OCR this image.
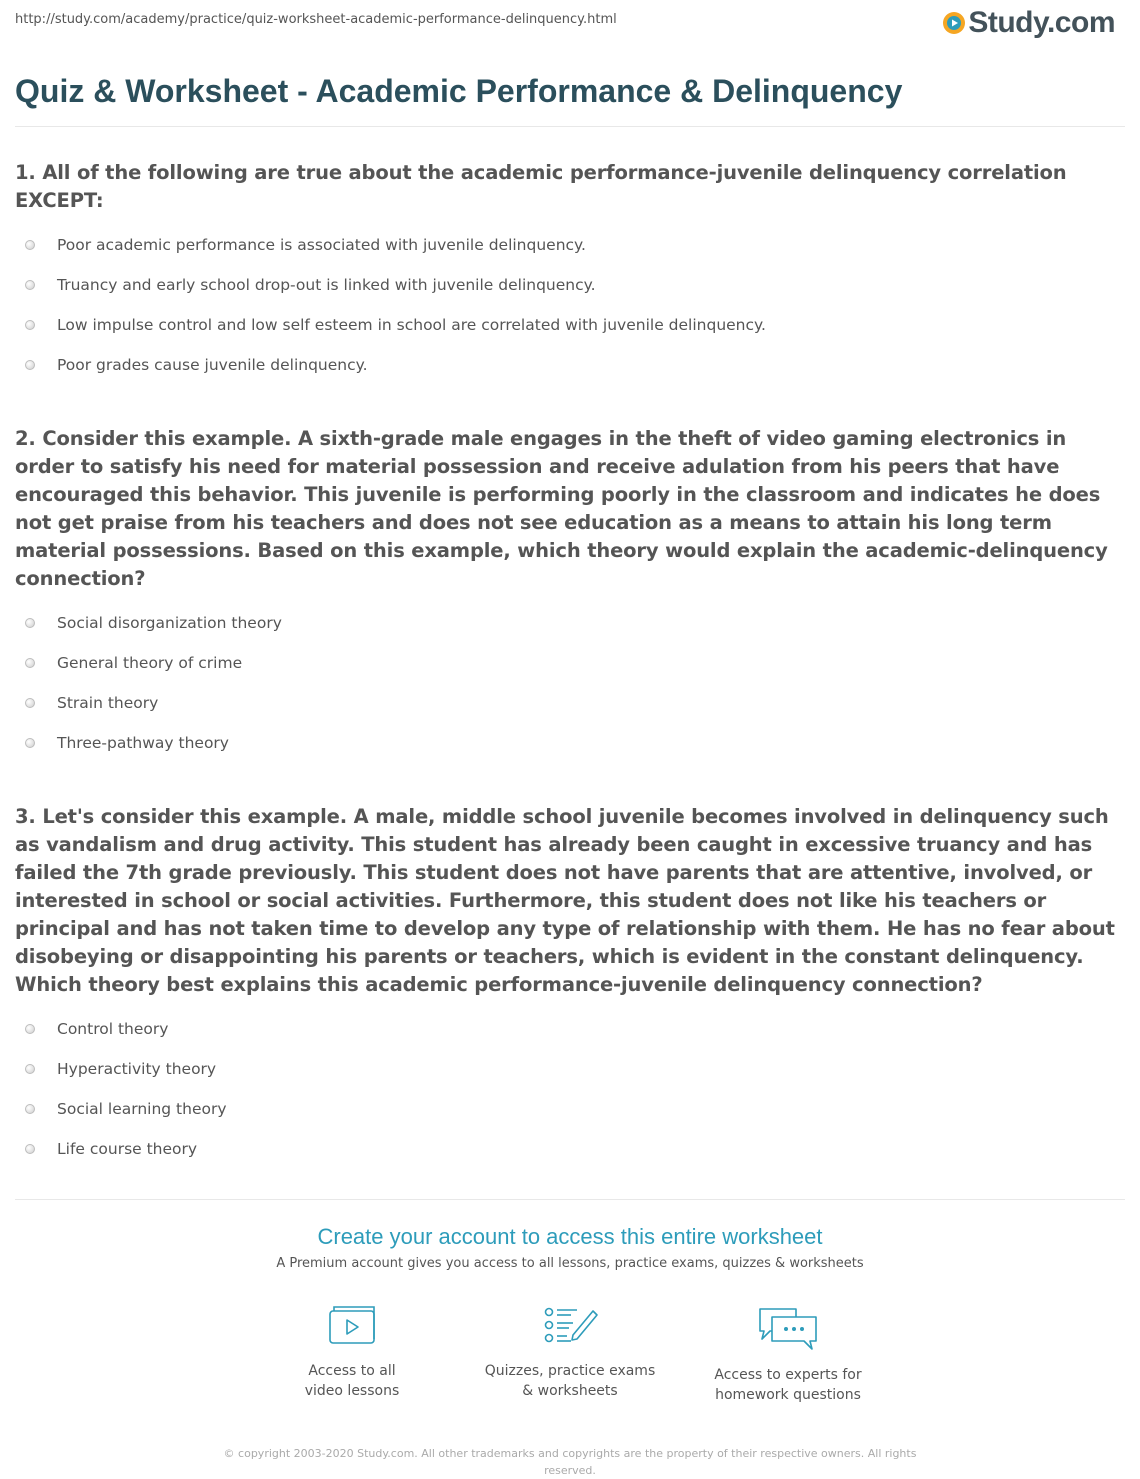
http://study.com/academy/practice/quiz-worksheet-academic-performance-delinquency.html	Study.com
Quiz & Worksheet - Academic Performance & Delinquency

1. All of the following are true about the academic performance-juvenile delinquency correlation EXCEPT:

Poor academic performance is associated with juvenile delinquency.
Truancy and early school drop-out is linked with juvenile delinquency.
Low impulse control and low self esteem in school are correlated with juvenile delinquency.
Poor grades cause juvenile delinquency.

2. Consider this example. A sixth-grade male engages in the theft of video gaming electronics in order to satisfy his need for material possession and receive adulation from his peers that have encouraged this behavior. This juvenile is performing poorly in the classroom and indicates he does not get praise from his teachers and does not see education as a means to attain his long term material possessions. Based on this example, which theory would explain the academic-delinquency connection?

Social disorganization theory
General theory of crime
Strain theory
Three-pathway theory

3. Let's consider this example. A male, middle school juvenile becomes involved in delinquency such as vandalism and drug activity. This student has already been caught in excessive truancy and has failed the 7th grade previously. This student does not have parents that are attentive, involved, or interested in school or social activities. Furthermore, this student does not like his teachers or principal and has not taken time to develop any type of relationship with them. He has no fear about disobeying or disappointing his parents or teachers, which is evident in the constant delinquency. Which theory best explains this academic performance-juvenile delinquency connection?

Control theory
Hyperactivity theory
Social learning theory
Life course theory
Create your account to access this entire worksheet
A Premium account gives you access to all lessons, practice exams, quizzes & worksheets
Access to all
video lessons
Quizzes, practice exams
& worksheets
Access to experts for
homework questions
© copyright 2003-2020 Study.com. All other trademarks and copyrights are the property of their respective owners. All rights reserved.
